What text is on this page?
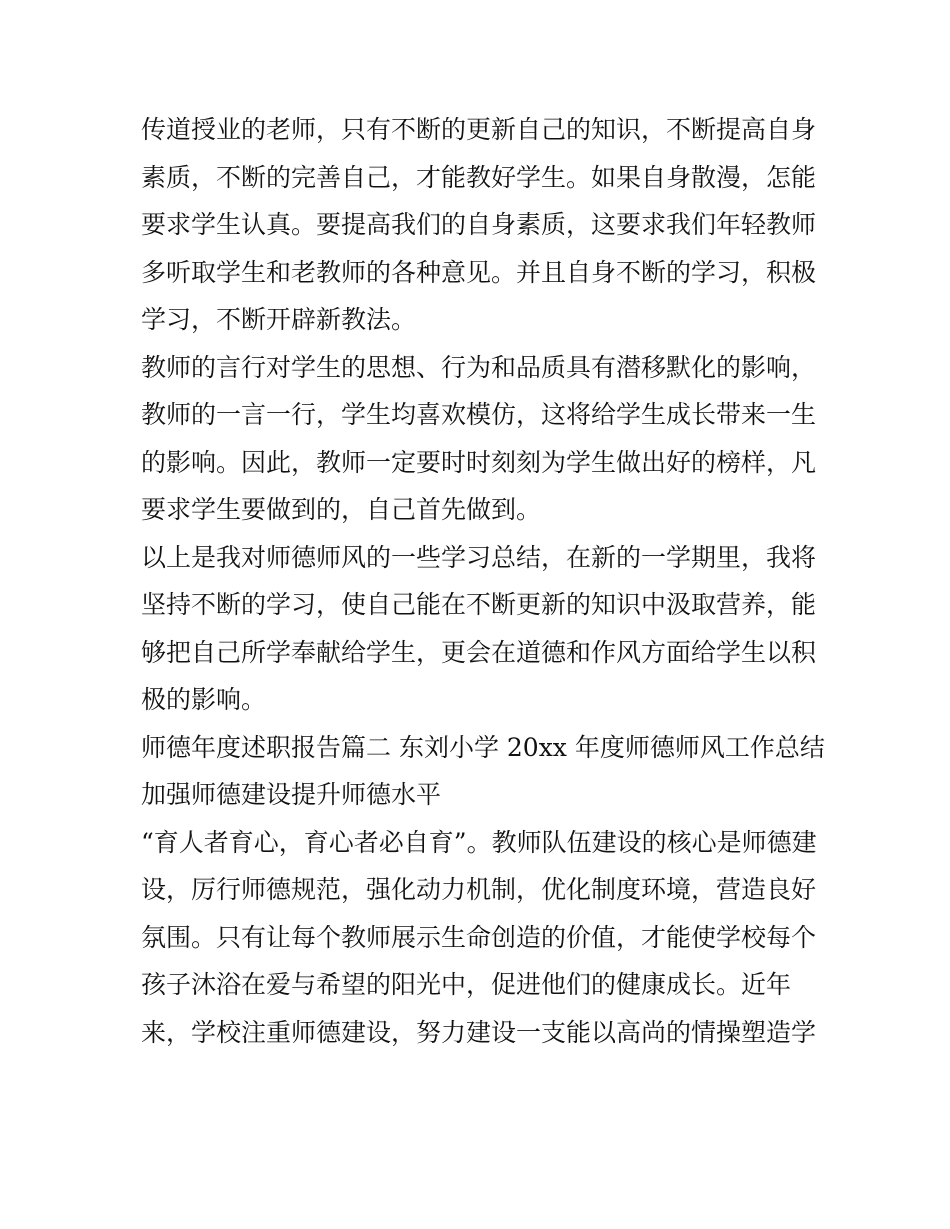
传道授业的老师，只有不断的更新自己的知识，不断提高自身
素质，不断的完善自己，才能教好学生。如果自身散漫，怎能
要求学生认真。要提高我们的自身素质，这要求我们年轻教师
多听取学生和老教师的各种意见。并且自身不断的学习，积极
学习，不断开辟新教法。
教师的言行对学生的思想、行为和品质具有潜移默化的影响，
教师的一言一行，学生均喜欢模仿，这将给学生成长带来一生
的影响。因此，教师一定要时时刻刻为学生做出好的榜样，凡
要求学生要做到的，自己首先做到。
以上是我对师德师风的一些学习总结，在新的一学期里，我将
坚持不断的学习，使自己能在不断更新的知识中汲取营养，能
够把自己所学奉献给学生，更会在道德和作风方面给学生以积
极的影响。
师德年度述职报告篇二 东刘小学 20xx 年度师德师风工作总结
加强师德建设提升师德水平
“育人者育心，育心者必自育”。教师队伍建设的核心是师德建
设，厉行师德规范，强化动力机制，优化制度环境，营造良好
氛围。只有让每个教师展示生命创造的价值，才能使学校每个
孩子沐浴在爱与希望的阳光中，促进他们的健康成长。近年
来，学校注重师德建设，努力建设一支能以高尚的情操塑造学
